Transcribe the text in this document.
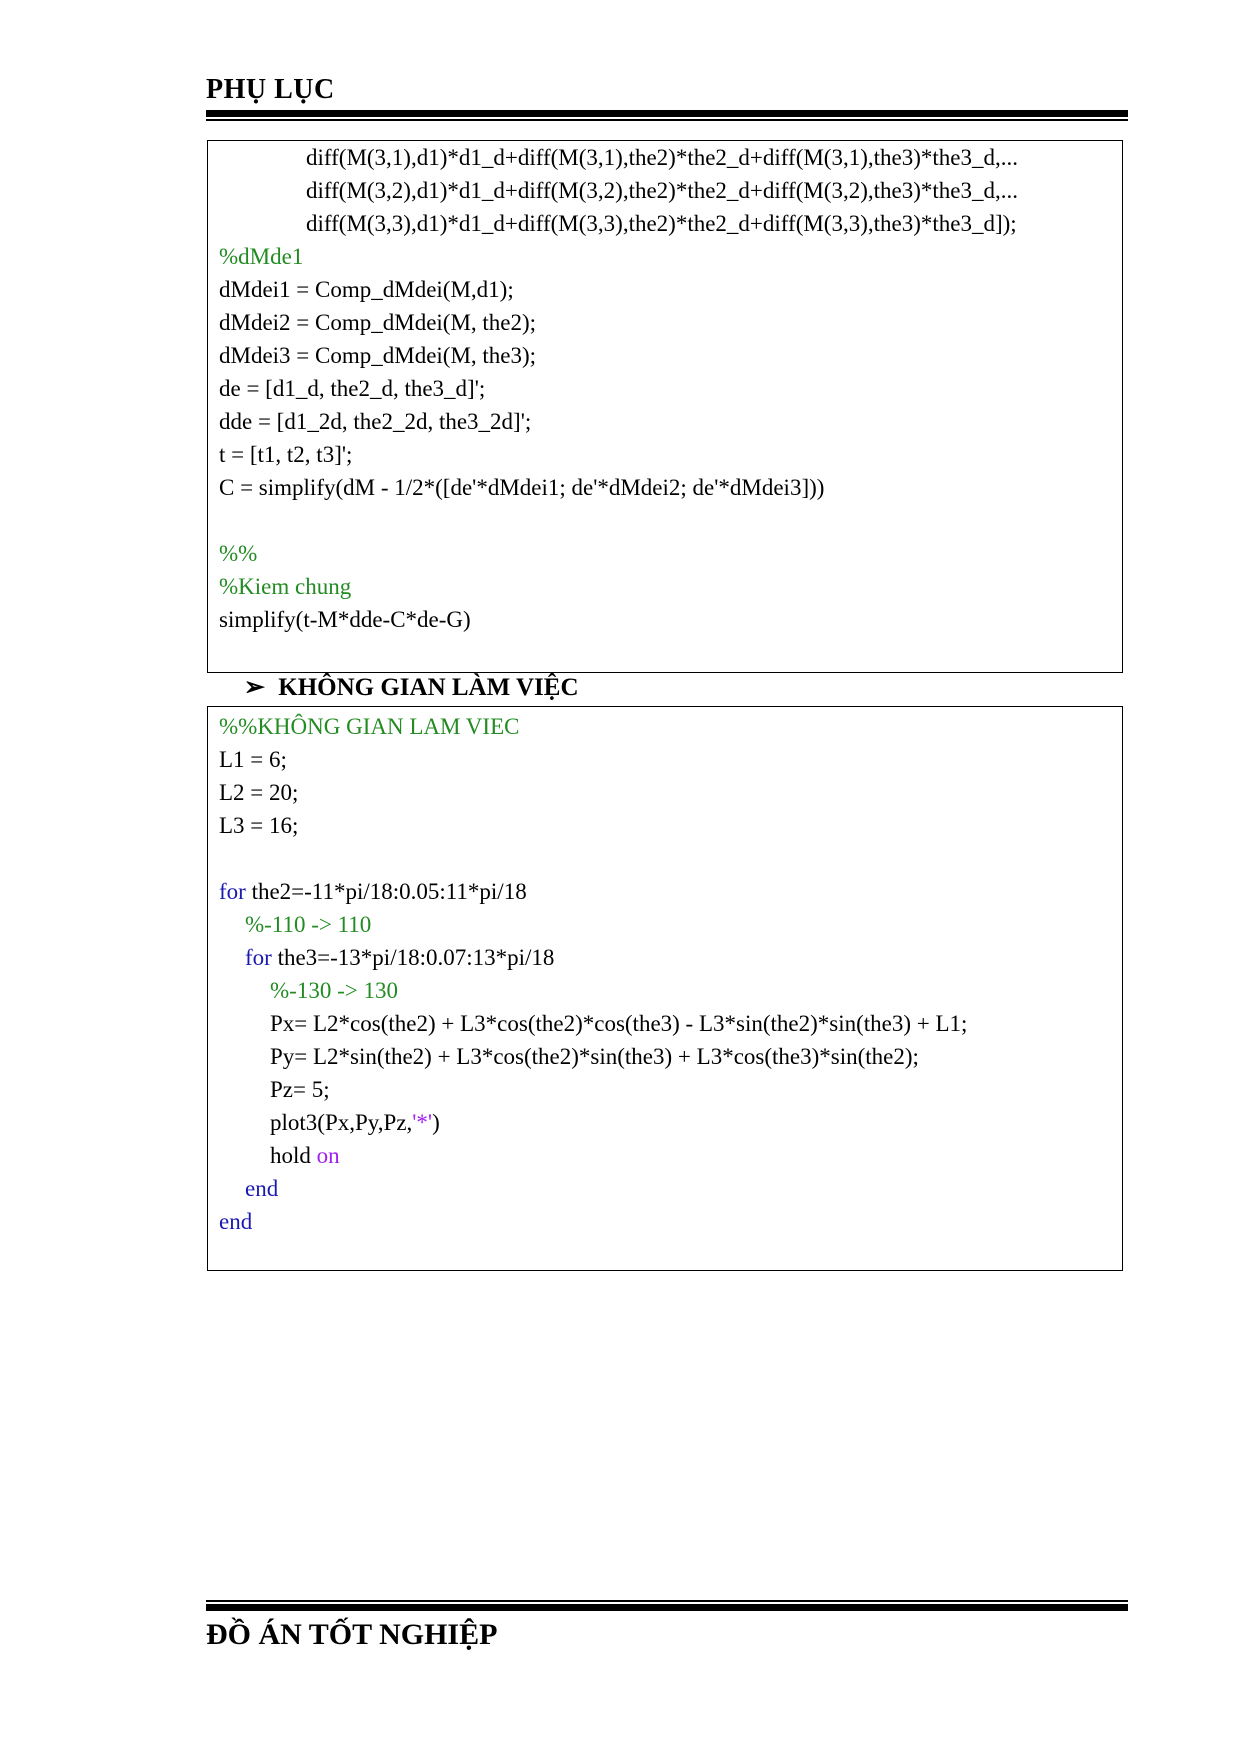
PHỤ LỤC
diff(M(3,1),d1)*d1_d+diff(M(3,1),the2)*the2_d+diff(M(3,1),the3)*the3_d,...
diff(M(3,2),d1)*d1_d+diff(M(3,2),the2)*the2_d+diff(M(3,2),the3)*the3_d,...
diff(M(3,3),d1)*d1_d+diff(M(3,3),the2)*the2_d+diff(M(3,3),the3)*the3_d]);
%dMde1
dMdei1 = Comp_dMdei(M,d1);
dMdei2 = Comp_dMdei(M, the2);
dMdei3 = Comp_dMdei(M, the3);
de = [d1_d, the2_d, the3_d]';
dde = [d1_2d, the2_2d, the3_2d]';
t = [t1, t2, t3]';
C = simplify(dM - 1/2*([de'*dMdei1; de'*dMdei2; de'*dMdei3]))
%%
%Kiem chung
simplify(t-M*dde-C*de-G)
➢ KHÔNG GIAN LÀM VIỆC
%%KHÔNG GIAN LAM VIEC
L1 = 6;
L2 = 20;
L3 = 16;
for the2=-11*pi/18:0.05:11*pi/18
%-110 -> 110
for the3=-13*pi/18:0.07:13*pi/18
%-130 -> 130
Px= L2*cos(the2) + L3*cos(the2)*cos(the3) - L3*sin(the2)*sin(the3) + L1;
Py= L2*sin(the2) + L3*cos(the2)*sin(the3) + L3*cos(the3)*sin(the2);
Pz= 5;
plot3(Px,Py,Pz,'*')
hold on
end
end
ĐỒ ÁN TỐT NGHIỆP
